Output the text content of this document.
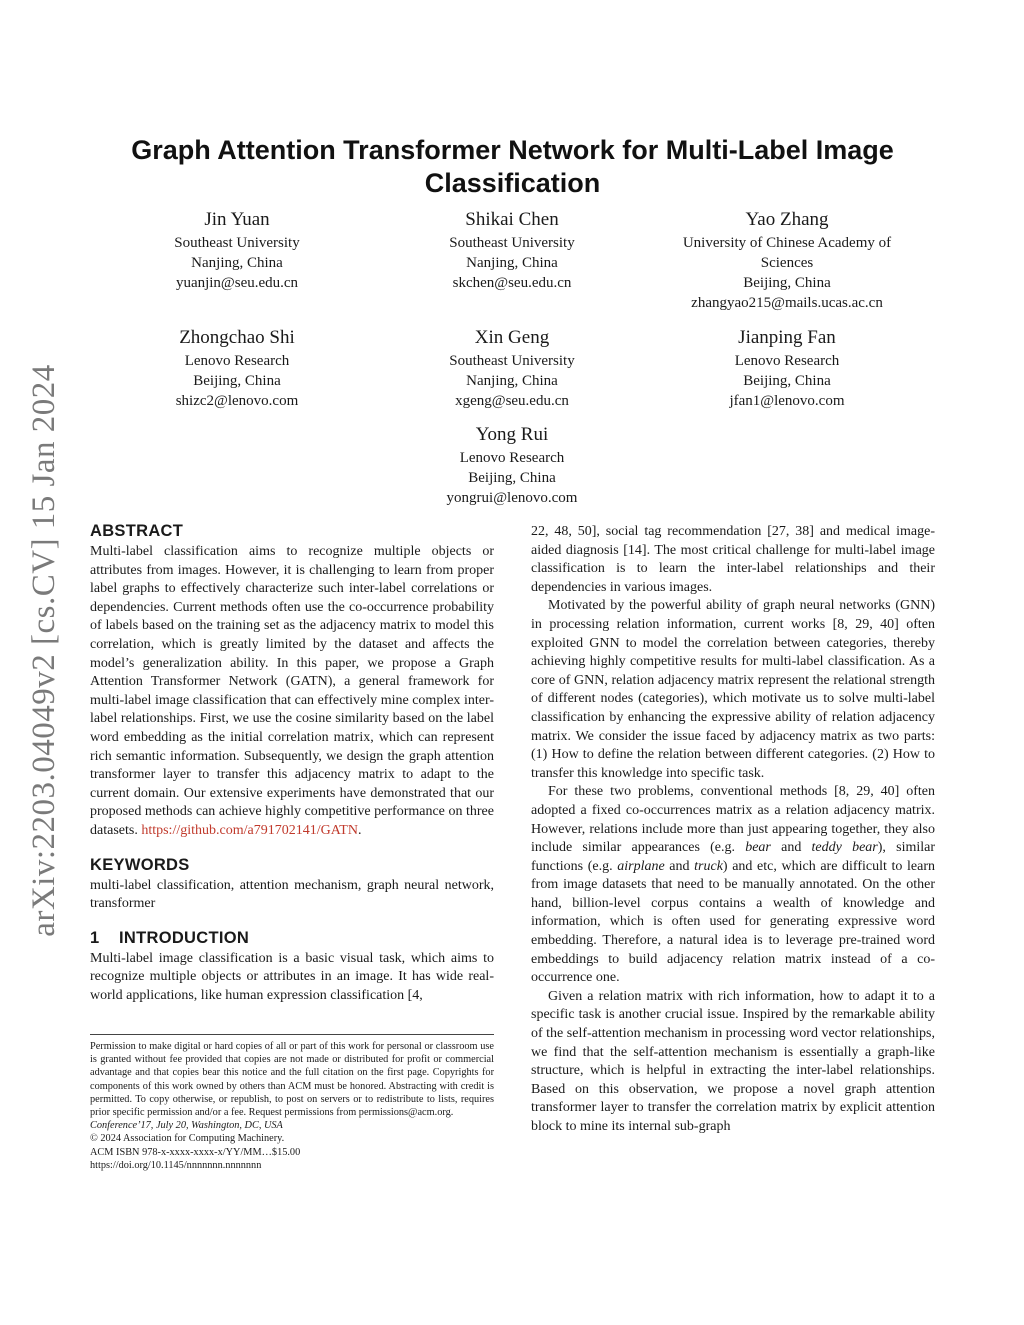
arXiv:2203.04049v2 [cs.CV] 15 Jan 2024
Graph Attention Transformer Network for Multi-Label Image Classification
Jin Yuan
Southeast University
Nanjing, China
yuanjin@seu.edu.cn
Shikai Chen
Southeast University
Nanjing, China
skchen@seu.edu.cn
Yao Zhang
University of Chinese Academy of
Sciences
Beijing, China
zhangyao215@mails.ucas.ac.cn
Zhongchao Shi
Lenovo Research
Beijing, China
shizc2@lenovo.com
Xin Geng
Southeast University
Nanjing, China
xgeng@seu.edu.cn
Jianping Fan
Lenovo Research
Beijing, China
jfan1@lenovo.com
Yong Rui
Lenovo Research
Beijing, China
yongrui@lenovo.com
ABSTRACT

Multi-label classification aims to recognize multiple objects or attributes from images. However, it is challenging to learn from proper label graphs to effectively characterize such inter-label correlations or dependencies. Current methods often use the co-occurrence probability of labels based on the training set as the adjacency matrix to model this correlation, which is greatly limited by the dataset and affects the model’s generalization ability. In this paper, we propose a Graph Attention Transformer Network (GATN), a general framework for multi-label image classification that can effectively mine complex inter-label relationships. First, we use the cosine similarity based on the label word embedding as the initial correlation matrix, which can represent rich semantic information. Subsequently, we design the graph attention transformer layer to transfer this adjacency matrix to adapt to the current domain. Our extensive experiments have demonstrated that our proposed methods can achieve highly competitive performance on three datasets. https://github.com/a791702141/GATN.

KEYWORDS

multi-label classification, attention mechanism, graph neural network, transformer

1    INTRODUCTION

Multi-label image classification is a basic visual task, which aims to recognize multiple objects or attributes in an image. It has wide real-world applications, like human expression classification [4,

Permission to make digital or hard copies of all or part of this work for personal or classroom use is granted without fee provided that copies are not made or distributed for profit or commercial advantage and that copies bear this notice and the full citation on the first page. Copyrights for components of this work owned by others than ACM must be honored. Abstracting with credit is permitted. To copy otherwise, or republish, to post on servers or to redistribute to lists, requires prior specific permission and/or a fee. Request permissions from permissions@acm.org.
Conference’17, July 20, Washington, DC, USA
© 2024 Association for Computing Machinery.
ACM ISBN 978-x-xxxx-xxxx-x/YY/MM…$15.00
https://doi.org/10.1145/nnnnnnn.nnnnnnn

22, 48, 50], social tag recommendation [27, 38] and medical image-aided diagnosis [14]. The most critical challenge for multi-label image classification is to learn the inter-label relationships and their dependencies in various images.

Motivated by the powerful ability of graph neural networks (GNN) in processing relation information, current works [8, 29, 40] often exploited GNN to model the correlation between categories, thereby achieving highly competitive results for multi-label classification. As a core of GNN, relation adjacency matrix represent the relational strength of different nodes (categories), which motivate us to solve multi-label classification by enhancing the expressive ability of relation adjacency matrix. We consider the issue faced by adjacency matrix as two parts: (1) How to define the relation between different categories. (2) How to transfer this knowledge into specific task.

For these two problems, conventional methods [8, 29, 40] often adopted a fixed co-occurrences matrix as a relation adjacency matrix. However, relations include more than just appearing together, they also include similar appearances (e.g. bear and teddy bear), similar functions (e.g. airplane and truck) and etc, which are difficult to learn from image datasets that need to be manually annotated. On the other hand, billion-level corpus contains a wealth of knowledge and information, which is often used for generating expressive word embedding. Therefore, a natural idea is to leverage pre-trained word embeddings to build adjacency relation matrix instead of a co-occurrence one.

Given a relation matrix with rich information, how to adapt it to a specific task is another crucial issue. Inspired by the remarkable ability of the self-attention mechanism in processing word vector relationships, we find that the self-attention mechanism is essentially a graph-like structure, which is helpful in extracting the inter-label relationships. Based on this observation, we propose a novel graph attention transformer layer to transfer the correlation matrix by explicit attention block to mine its internal sub-graph
